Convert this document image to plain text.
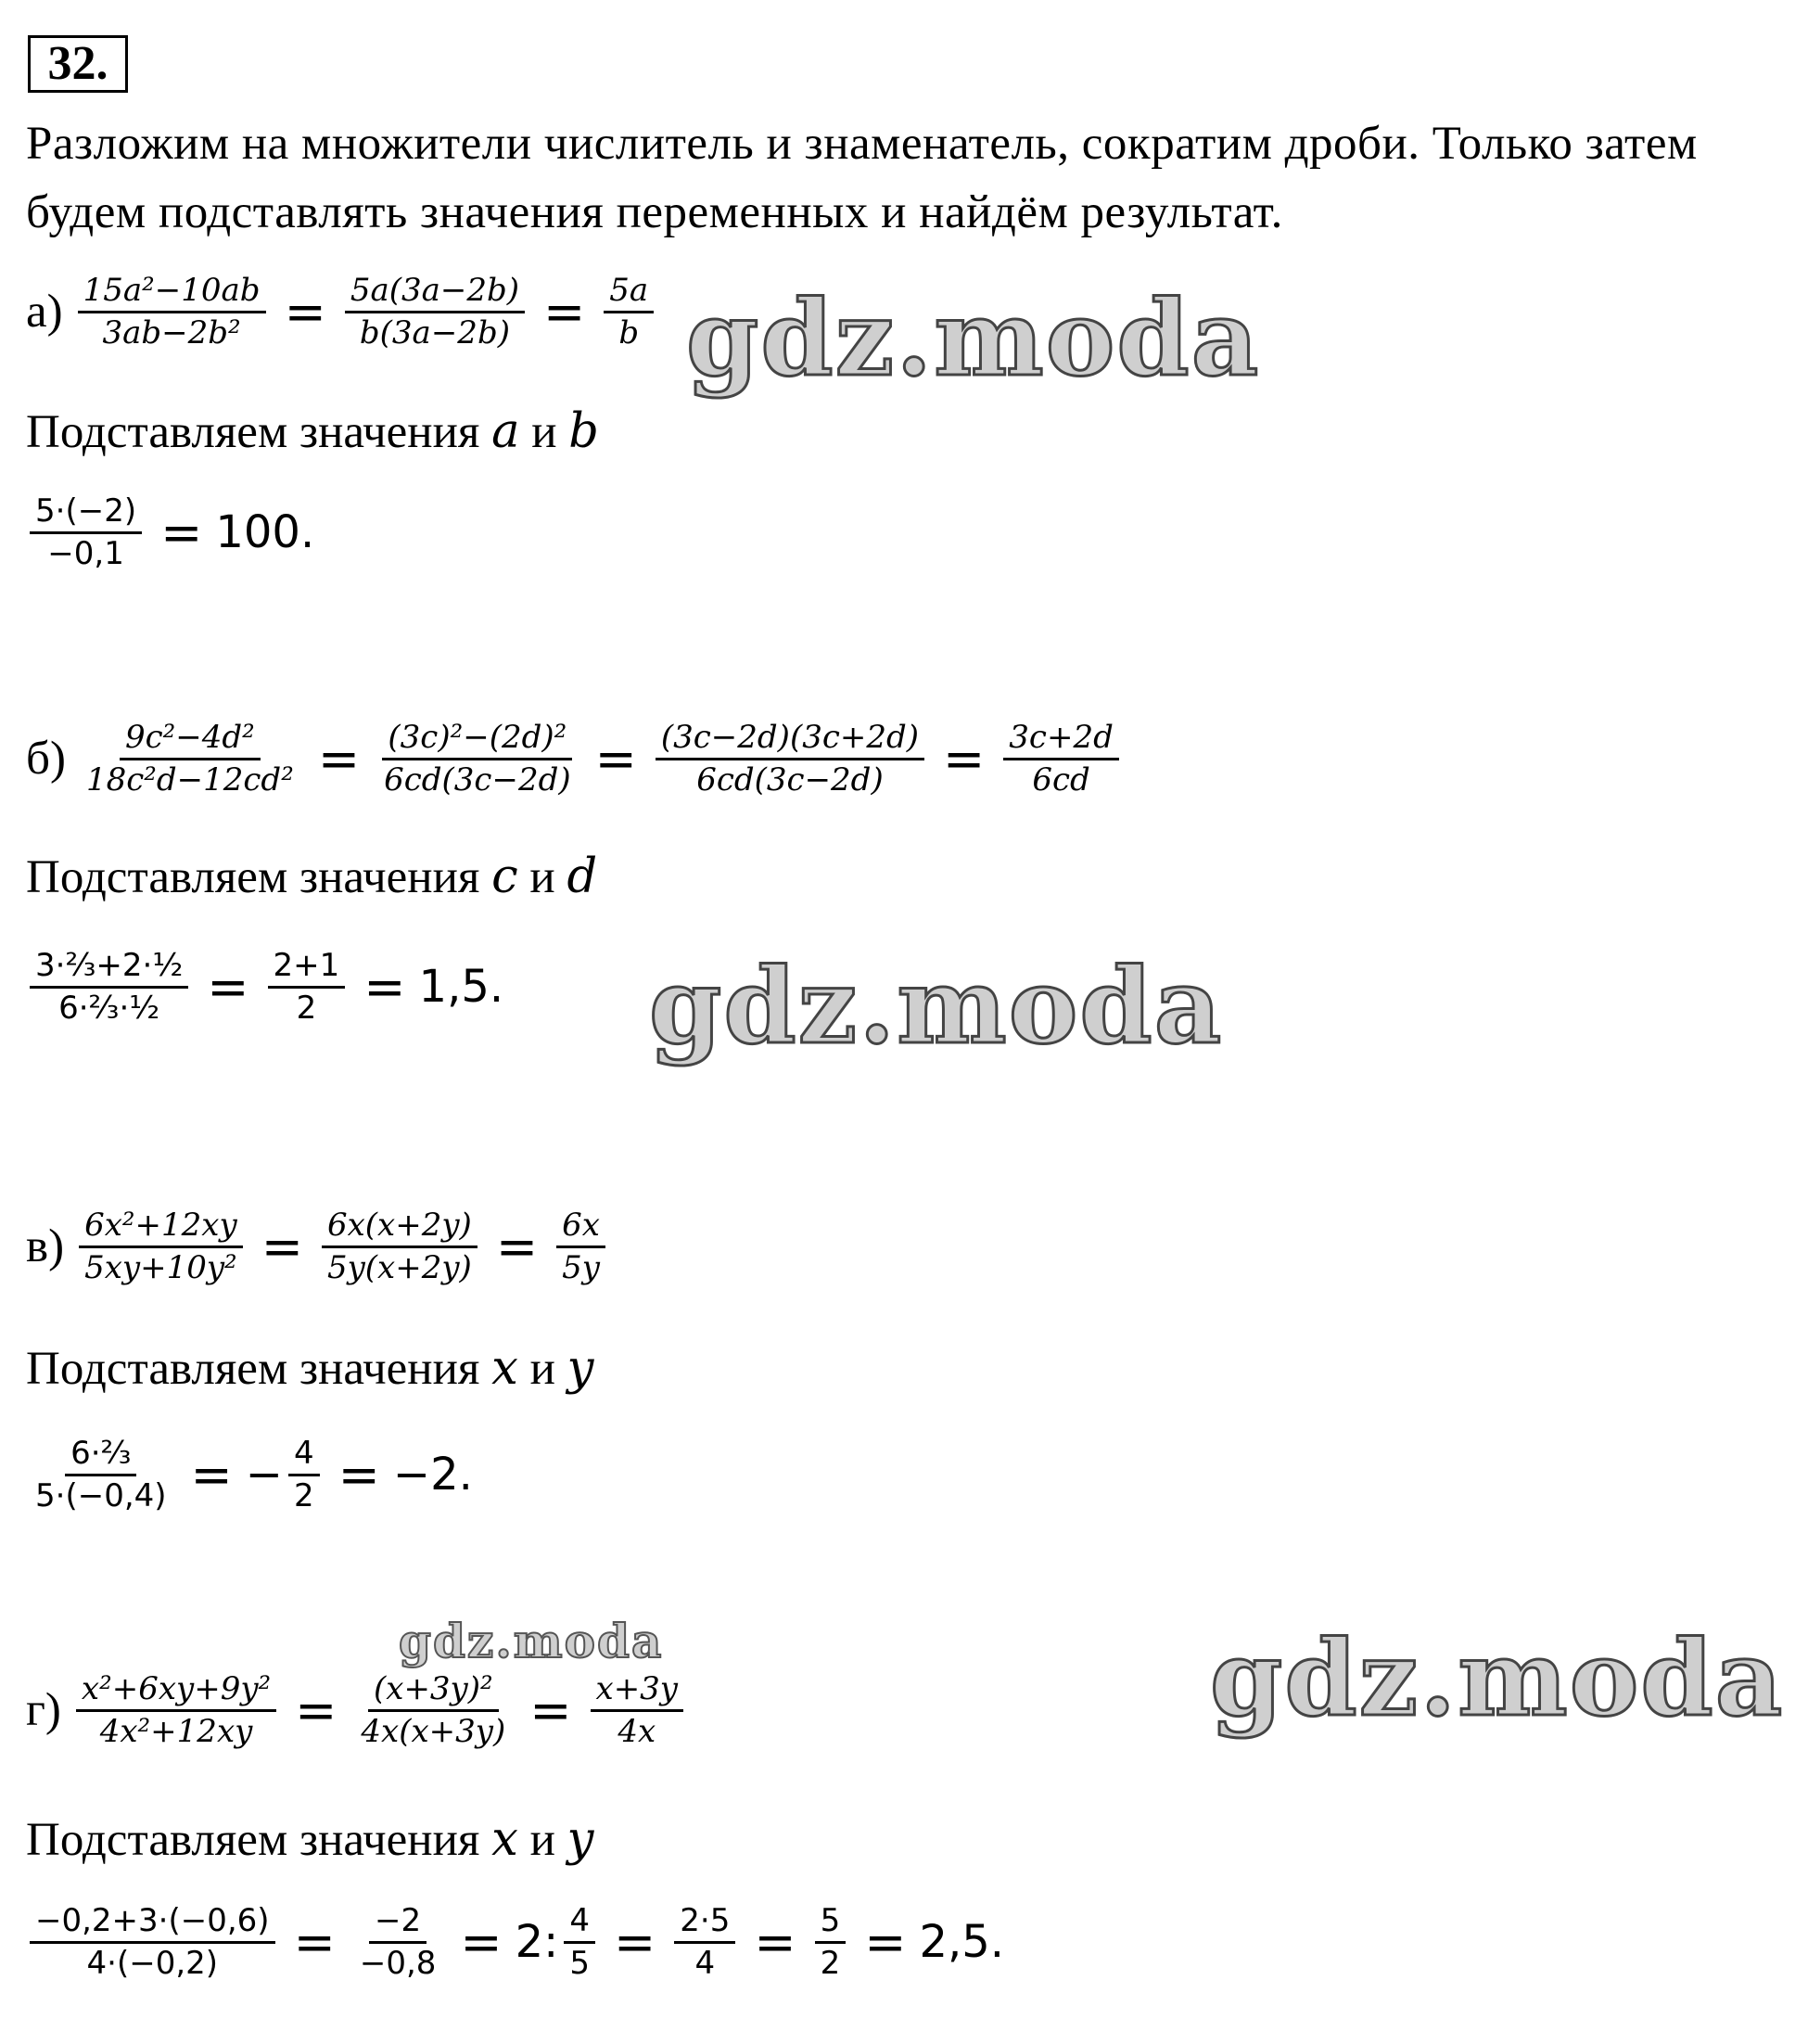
32.
Разложим на множители числитель и знаменатель, сократим дроби. Только затем будем подставлять значения переменных и найдём результат.
$а) \frac{\text{15a²−10ab}}{\text{3ab−2b²}} = \frac{5a(3a-2b)}{b(3a-2b)} = \frac{5a}{b}$
Подставляем значения a и b
$\frac{5\cdot(-2)}{-0,1} = 100$.
$б) \frac{\text{9c²−4d²}}{\text{18c²d−12cd²}} = \frac{\text{(3c)²−(2d)²}}{6cd(3c-2d)} = \frac{(3c-2d)(3c+2d)}{6cd(3c-2d)} = \frac{3c+2d}{6cd}$
Подставляем значения c и d
$\frac{\text{3·⅔+2·½}}{\text{6·⅔·½}} = \frac{2+1}{2} = 1,5$.
$в) \frac{\text{6x²+12xy}}{\text{5xy+10y²}} = \frac{6x(x+2y)}{5y(x+2y)} = \frac{6x}{5y}$
Подставляем значения x и y
$\frac{\text{6·⅔}}{5\cdot(-0,4)}$ = − $\frac{4}{2} = -2$.
$г) \frac{\text{x²+6xy+9y²}}{\text{4x²+12xy}} = \frac{\text{(x+3y)²}}{4x(x+3y)} = \frac{x+3y}{4x}$
Подставляем значения x и y
$\frac{-0,2+3\cdot(-0,6)}{4\cdot(-0,2)} = \frac{-2}{-0,8} = 2$: $\frac{4}{5} = \frac{2\cdot 5}{4} = \frac{5}{2} = 2,5$.
gdz.moda
gdz.moda
gdz.moda	gdz.moda
